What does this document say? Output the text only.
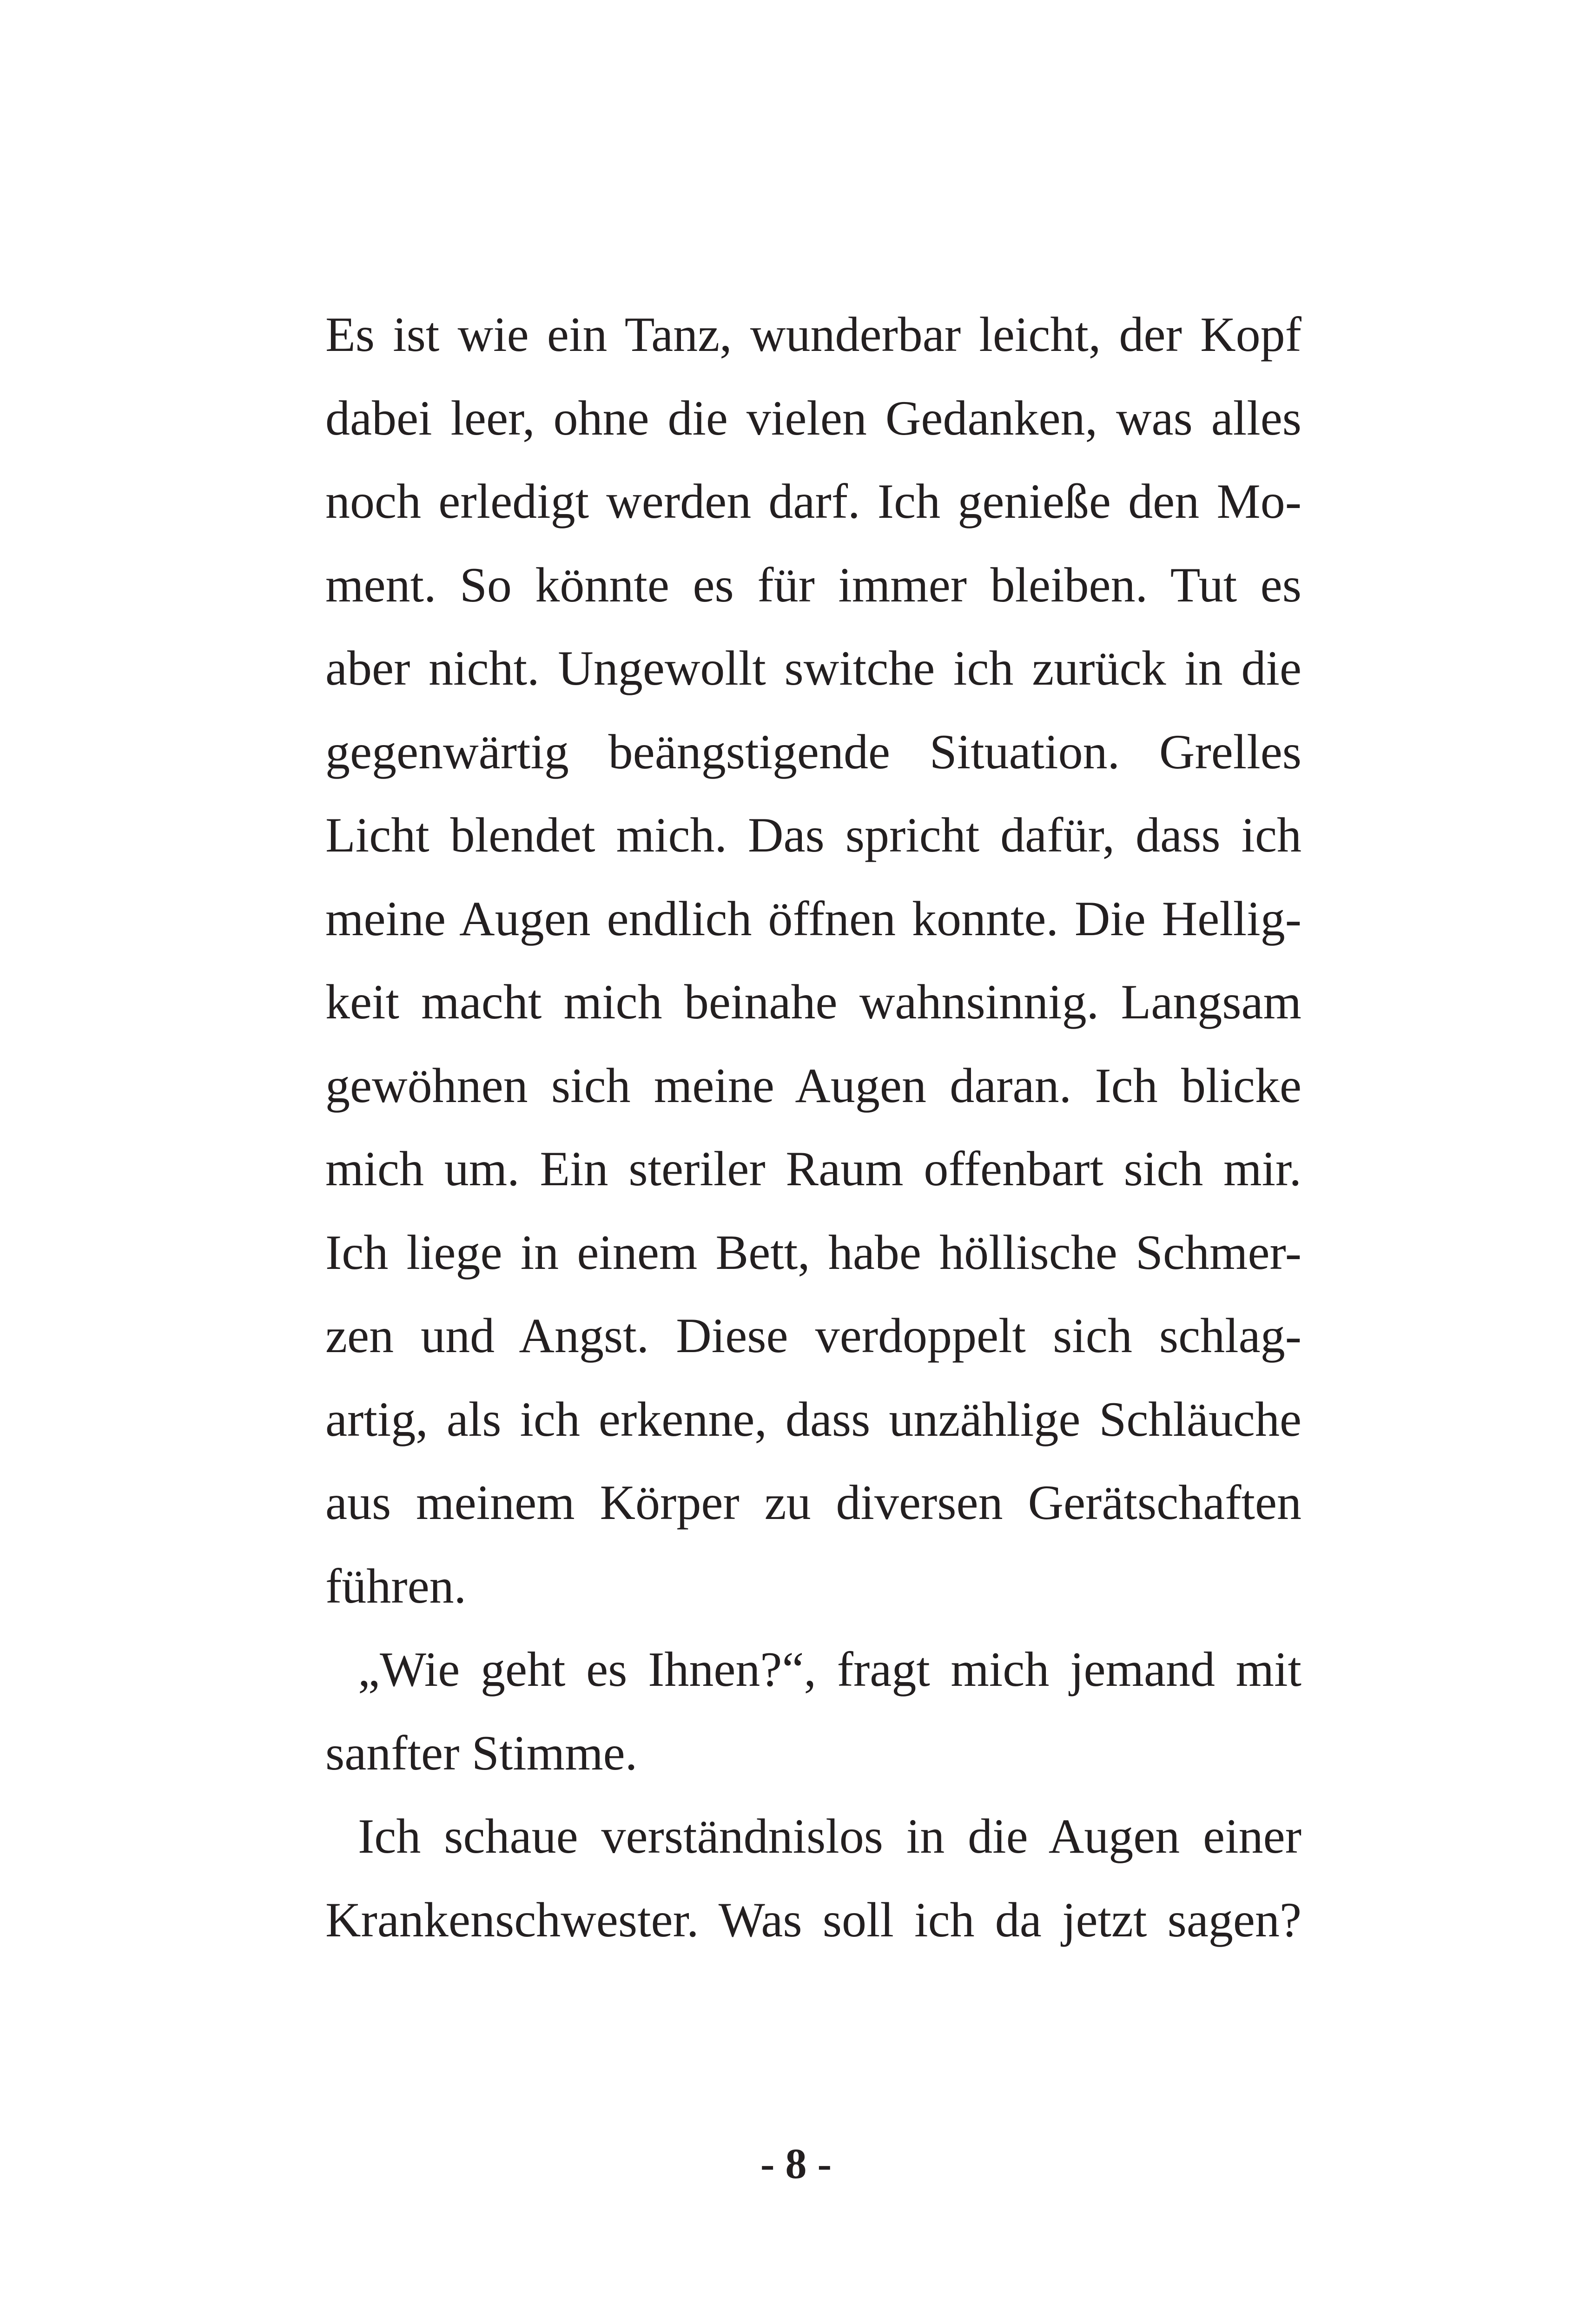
Es ist wie ein Tanz, wunderbar leicht, der Kopf
dabei leer, ohne die vielen Gedanken, was alles
noch erledigt werden darf. Ich genieße den Mo-
ment. So könnte es für immer bleiben. Tut es
aber nicht. Ungewollt switche ich zurück in die
gegenwärtig beängstigende Situation. Grelles
Licht blendet mich. Das spricht dafür, dass ich
meine Augen endlich öffnen konnte. Die Hellig-
keit macht mich beinahe wahnsinnig. Langsam
gewöhnen sich meine Augen daran. Ich blicke
mich um. Ein steriler Raum offenbart sich mir.
Ich liege in einem Bett, habe höllische Schmer-
zen und Angst. Diese verdoppelt sich schlag-
artig, als ich erkenne, dass unzählige Schläuche
aus meinem Körper zu diversen Gerätschaften
führen.
„Wie geht es Ihnen?“, fragt mich jemand mit
sanfter Stimme.
Ich schaue verständnislos in die Augen einer
Krankenschwester. Was soll ich da jetzt sagen?
- 8 -
